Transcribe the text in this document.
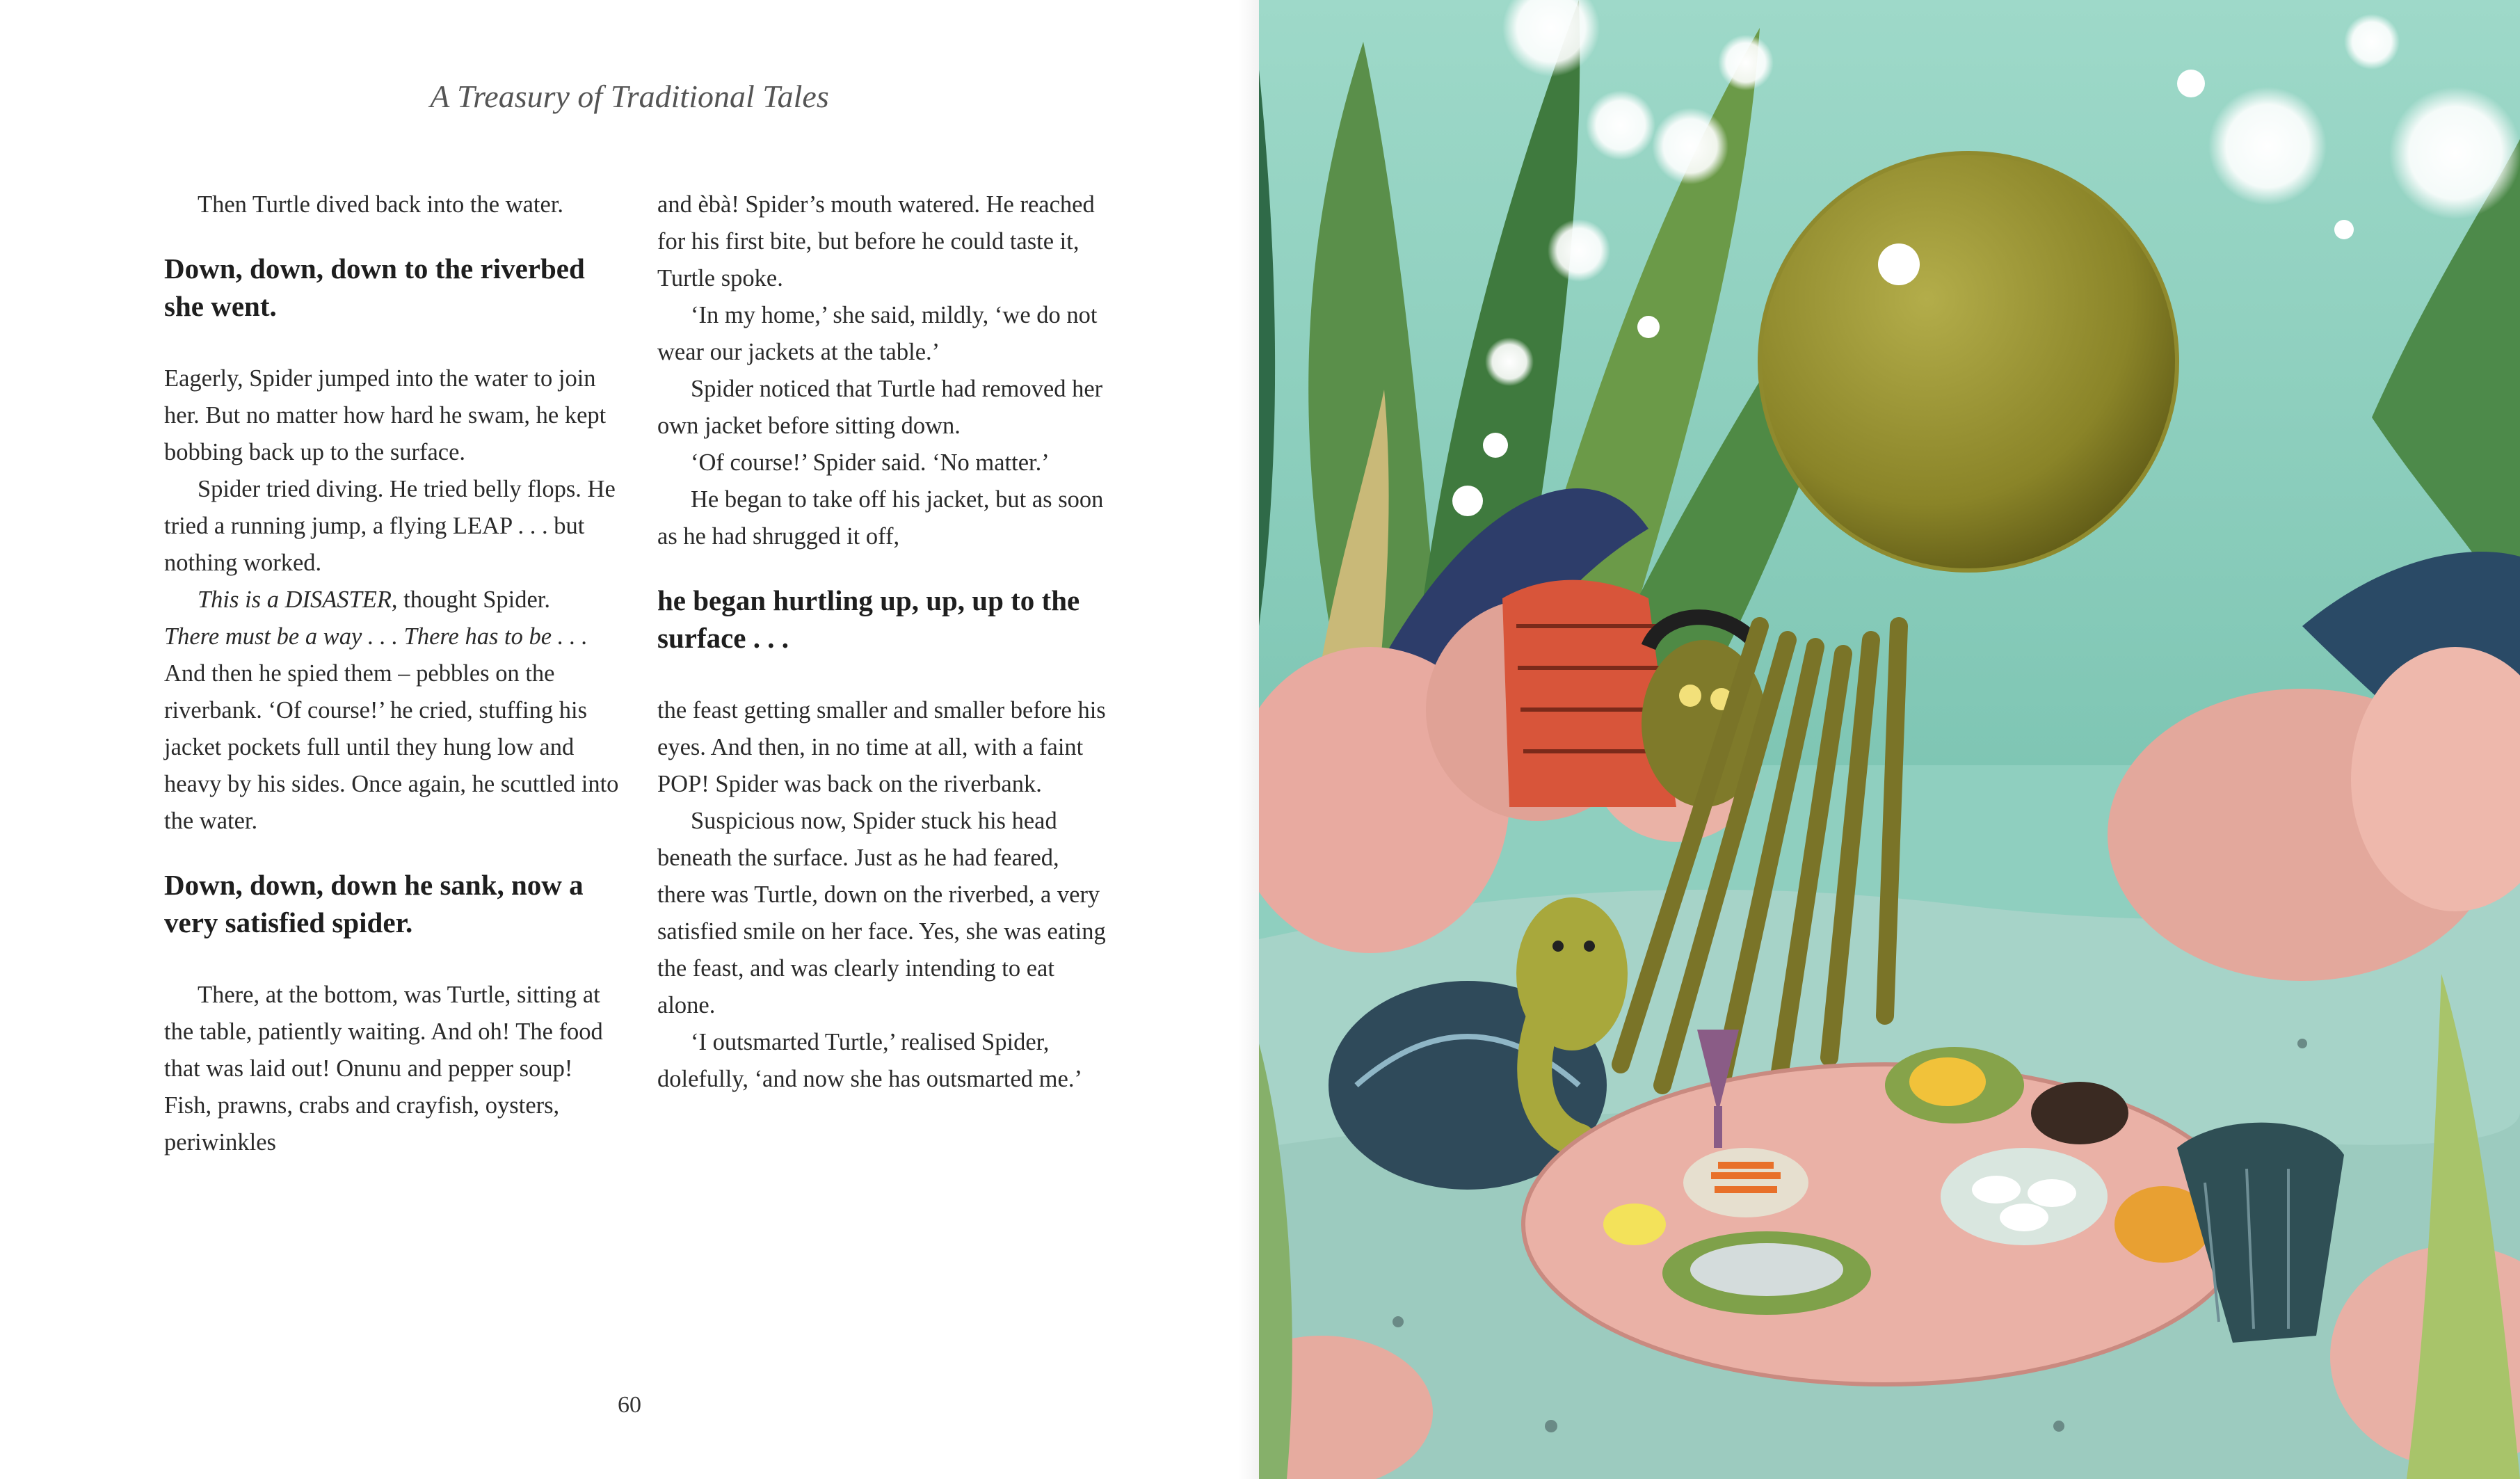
A Treasury of Traditional Tales

Then Turtle dived back into the water.

Down, down, down to the riverbed she went.

Eagerly, Spider jumped into the water to join her. But no matter how hard he swam, he kept bobbing back up to the surface.

Spider tried diving. He tried belly flops. He tried a running jump, a flying LEAP . . . but nothing worked.

This is a DISASTER, thought Spider.
There must be a way . . . There has to be . . . And then he spied them – pebbles on the riverbank. ‘Of course!’ he cried, stuffing his jacket pockets full until they hung low and heavy by his sides. Once again, he scuttled into the water.

Down, down, down he sank, now a very satisfied spider.

There, at the bottom, was Turtle, sitting at the table, patiently waiting. And oh! The food that was laid out! Onunu and pepper soup! Fish, prawns, crabs and crayfish, oysters, periwinkles

and èbà! Spider’s mouth watered. He reached for his first bite, but before he could taste it, Turtle spoke.

‘In my home,’ she said, mildly, ‘we do not wear our jackets at the table.’

Spider noticed that Turtle had removed her own jacket before sitting down.

‘Of course!’ Spider said. ‘No matter.’

He began to take off his jacket, but as soon as he had shrugged it off,

he began hurtling up, up, up to the surface . . .

the feast getting smaller and smaller before his eyes. And then, in no time at all, with a faint POP! Spider was back on the riverbank.

Suspicious now, Spider stuck his head beneath the surface. Just as he had feared, there was Turtle, down on the riverbed, a very satisfied smile on her face. Yes, she was eating the feast, and was clearly intending to eat alone.

‘I outsmarted Turtle,’ realised Spider, dolefully, ‘and now she has outsmarted me.’

60
